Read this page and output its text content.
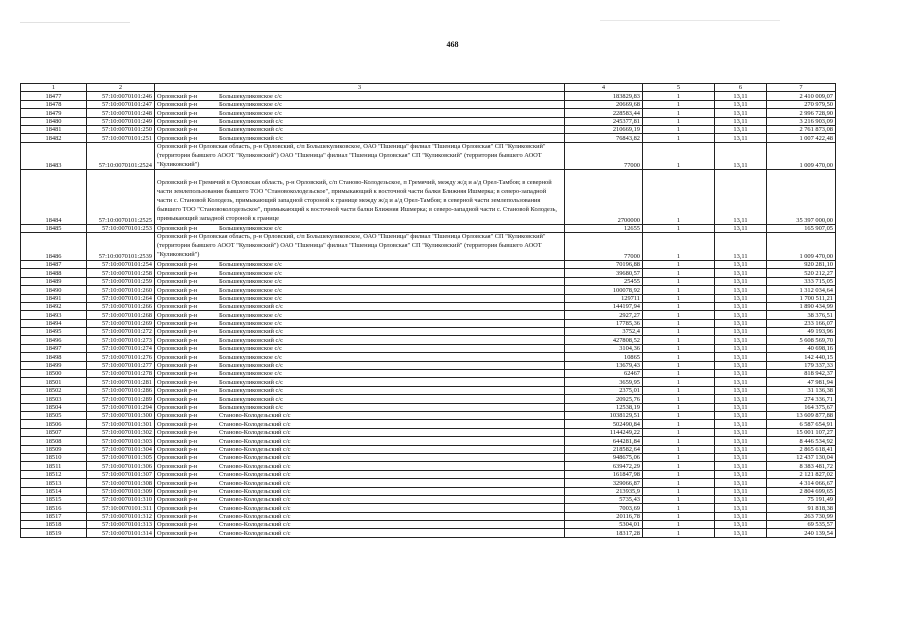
468
1	2	3	4	5	6	7
18477	57:10:0070101:246	Орловский р-н Большекуликовское с/с	183829,83	1	13,11	2 410 009,07
18478	57:10:0070101:247	Орловский р-н Большекуликовское с/с	20669,68	1	13,11	270 979,50
18479	57:10:0070101:248	Орловский р-н Большекуликовское с/с	228583,44	1	13,11	2 996 728,90
18480	57:10:0070101:249	Орловский р-н Большекуликовский с/с	245377,81	1	13,11	3 216 903,09
18481	57:10:0070101:250	Орловский р-н Большекуликовский с/с	210669,19	1	13,11	2 761 873,08
18482	57:10:0070101:251	Орловский р-н Большекуликовский с/с	76843,82	1	13,11	1 007 422,48
18483	57:10:0070101:2524	Орловский р-н Орловская область, р-н Орловский, с/п Большекуликовское, ОАО "Пшеница" филиал "Пшеница Орловская" СП "Куликовский" (территория бывшего АООТ "Куликовский") ОАО "Пшеница" филиал "Пшеница Орловская" СП "Куликовский" (территория бывшего АООТ "Куликовский")	77000	1	13,11	1 009 470,00
18484	57:10:0070101:2525	Орловский р-н Гремячий в Орловская область, р-н Орловский, с/п Станово-Колодезьское, п Гремячий, между ж/д и а/д Орел-Тамбов; в северной части землепользования бывшего ТОО "Становоколодезьское", примыкающий к восточной части балки Ближняя Ишмерка; в северо-западной части с. Становой Колодезь, примыкающий западной стороной к границе между ж/д и а/д Орел-Тамбов; в северной части землепользования бывшего ТОО "Становоколодезьское", примыкающий к восточной части балки Ближняя Ишмерка; в северо-западной части с. Становой Колодезь, примыкающий западной стороной к границе	2700000	1	13,11	35 397 000,00
18485	57:10:0070101:253	Орловский р-н Большекуликовское с/с	12655	1	13,11	165 907,05
18486	57:10:0070101:2539	Орловский р-н Орловская область, р-н Орловский, с/п Большекуликовское, ОАО "Пшеница" филиал "Пшеница Орловская" СП "Куликовский" (территория бывшего АООТ "Куликовский") ОАО "Пшеница" филиал "Пшеница Орловская" СП "Куликовский" (территория бывшего АООТ "Куликовский")	77000	1	13,11	1 009 470,00
18487	57:10:0070101:254	Орловский р-н Большекуликовское с/с	70196,88	1	13,11	920 281,10
18488	57:10:0070101:258	Орловский р-н Большекуликовское с/с	39680,57	1	13,11	520 212,27
18489	57:10:0070101:259	Орловский р-н Большекуликовское с/с	25455	1	13,11	333 715,05
18490	57:10:0070101:260	Орловский р-н Большекуликовское с/с	100078,92	1	13,11	1 312 034,64
18491	57:10:0070101:264	Орловский р-н Большекуликовское с/с	129711	1	13,11	1 700 511,21
18492	57:10:0070101:266	Орловский р-н Большекуликовский с/с	144197,94	1	13,11	1 890 434,99
18493	57:10:0070101:268	Орловский р-н Большекуликовское с/с	2927,27	1	13,11	38 376,51
18494	57:10:0070101:269	Орловский р-н Большекуликовское с/с	17785,36	1	13,11	233 166,07
18495	57:10:0070101:272	Орловский р-н Большекуликовский с/с	3752,4	1	13,11	49 193,96
18496	57:10:0070101:273	Орловский р-н Большекуликовский с/с	427808,52	1	13,11	5 608 569,70
18497	57:10:0070101:274	Орловский р-н Большекуликовское с/с	3104,36	1	13,11	40 698,16
18498	57:10:0070101:276	Орловский р-н Большекуликовское с/с	10865	1	13,11	142 440,15
18499	57:10:0070101:277	Орловский р-н Большекуликовский с/с	13679,43	1	13,11	179 337,33
18500	57:10:0070101:278	Орловский р-н Большекуликовское с/с	62467	1	13,11	818 942,37
18501	57:10:0070101:281	Орловский р-н Большекуликовский с/с	3659,95	1	13,11	47 981,94
18502	57:10:0070101:286	Орловский р-н Большекуликовский с/с	2375,01	1	13,11	31 136,38
18503	57:10:0070101:289	Орловский р-н Большекуликовский с/с	20925,76	1	13,11	274 336,71
18504	57:10:0070101:294	Орловский р-н Большекуликовский с/с	12538,19	1	13,11	164 375,67
18505	57:10:0070101:300	Орловский р-н Станово-Колодезьский с/с	1038129,51	1	13,11	13 609 877,88
18506	57:10:0070101:301	Орловский р-н Станово-Колодезьский с/с	502490,84	1	13,11	6 587 654,91
18507	57:10:0070101:302	Орловский р-н Станово-Колодезьский с/с	1144249,22	1	13,11	15 001 107,27
18508	57:10:0070101:303	Орловский р-н Станово-Колодезьский с/с	644281,84	1	13,11	8 446 534,92
18509	57:10:0070101:304	Орловский р-н Станово-Колодезьский с/с	218582,64	1	13,11	2 865 618,41
18510	57:10:0070101:305	Орловский р-н Станово-Колодезьский с/с	948675,06	1	13,11	12 437 130,04
18511	57:10:0070101:306	Орловский р-н Станово-Колодезьский с/с	639472,29	1	13,11	8 383 481,72
18512	57:10:0070101:307	Орловский р-н Станово-Колодезьский с/с	161847,98	1	13,11	2 121 827,02
18513	57:10:0070101:308	Орловский р-н Станово-Колодезьский с/с	329066,87	1	13,11	4 314 066,67
18514	57:10:0070101:309	Орловский р-н Станово-Колодезьский с/с	213935,9	1	13,11	2 804 699,65
18515	57:10:0070101:310	Орловский р-н Станово-Колодезьский с/с	5735,43	1	13,11	75 191,49
18516	57:10:0070101:311	Орловский р-н Станово-Колодезьский с/с	7003,69	1	13,11	91 818,38
18517	57:10:0070101:312	Орловский р-н Станово-Колодезьский с/с	20116,78	1	13,11	263 730,99
18518	57:10:0070101:313	Орловский р-н Станово-Колодезьский с/с	5304,01	1	13,11	69 535,57
18519	57:10:0070101:314	Орловский р-н Станово-Колодезьский с/с	18317,28	1	13,11	240 139,54
